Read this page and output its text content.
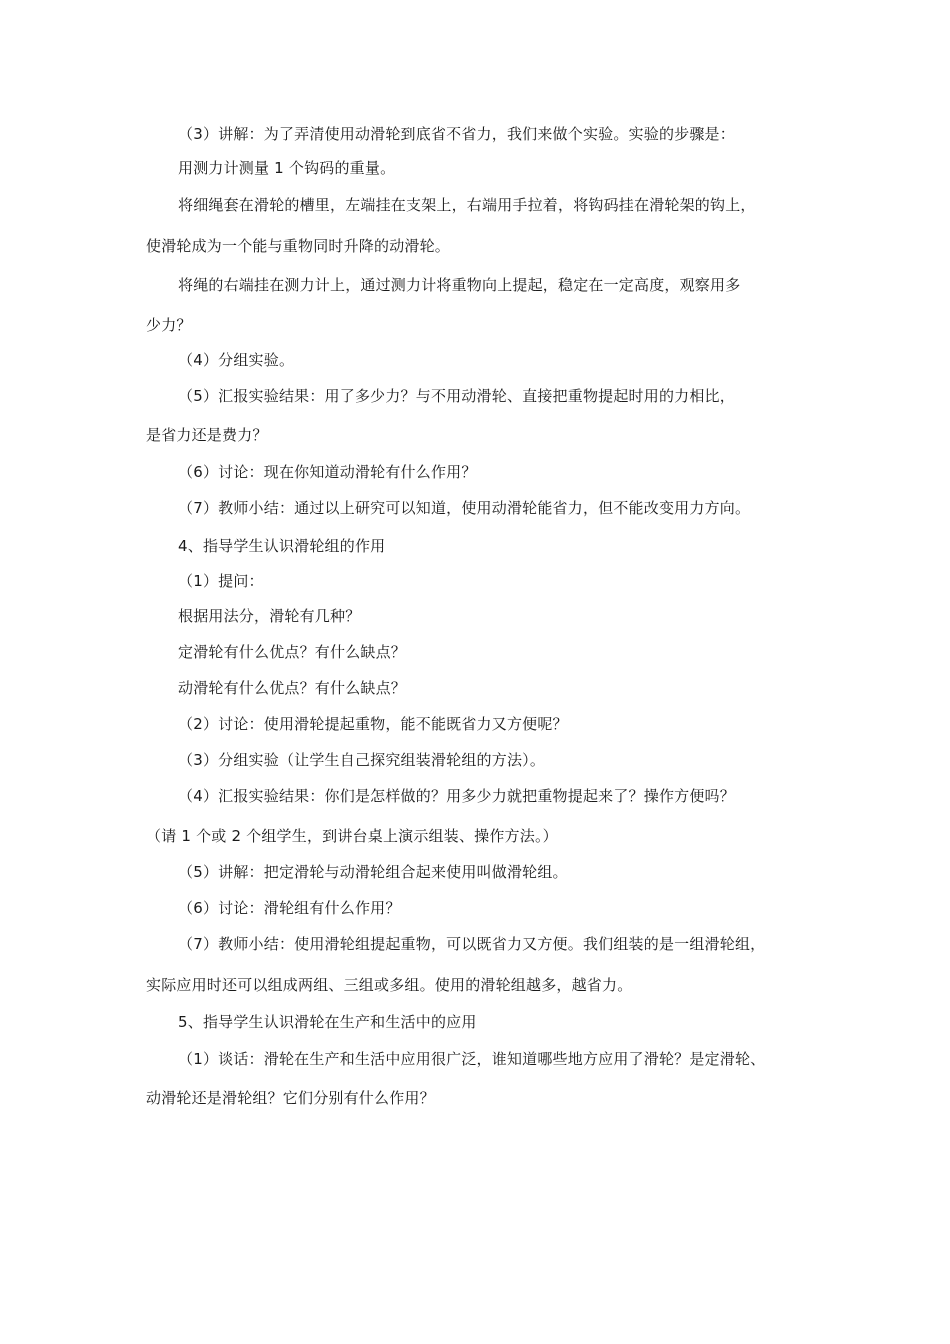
（3）讲解：为了弄清使用动滑轮到底省不省力，我们来做个实验。实验的步骤是：
用测力计测量 1 个钩码的重量。
将细绳套在滑轮的槽里，左端挂在支架上，右端用手拉着，将钩码挂在滑轮架的钩上，
使滑轮成为一个能与重物同时升降的动滑轮。
将绳的右端挂在测力计上，通过测力计将重物向上提起，稳定在一定高度，观察用多
少力？
（4）分组实验。
（5）汇报实验结果：用了多少力？与不用动滑轮、直接把重物提起时用的力相比，
是省力还是费力？
（6）讨论：现在你知道动滑轮有什么作用？
（7）教师小结：通过以上研究可以知道，使用动滑轮能省力，但不能改变用力方向。
4、指导学生认识滑轮组的作用
（1）提问：
根据用法分，滑轮有几种？
定滑轮有什么优点？有什么缺点？
动滑轮有什么优点？有什么缺点？
（2）讨论：使用滑轮提起重物，能不能既省力又方便呢？
（3）分组实验（让学生自己探究组装滑轮组的方法）。
（4）汇报实验结果：你们是怎样做的？用多少力就把重物提起来了？操作方便吗？
（请 1 个或 2 个组学生，到讲台桌上演示组装、操作方法。）
（5）讲解：把定滑轮与动滑轮组合起来使用叫做滑轮组。
（6）讨论：滑轮组有什么作用？
（7）教师小结：使用滑轮组提起重物，可以既省力又方便。我们组装的是一组滑轮组，
实际应用时还可以组成两组、三组或多组。使用的滑轮组越多，越省力。
5、指导学生认识滑轮在生产和生活中的应用
（1）谈话：滑轮在生产和生活中应用很广泛，谁知道哪些地方应用了滑轮？是定滑轮、
动滑轮还是滑轮组？它们分别有什么作用？
